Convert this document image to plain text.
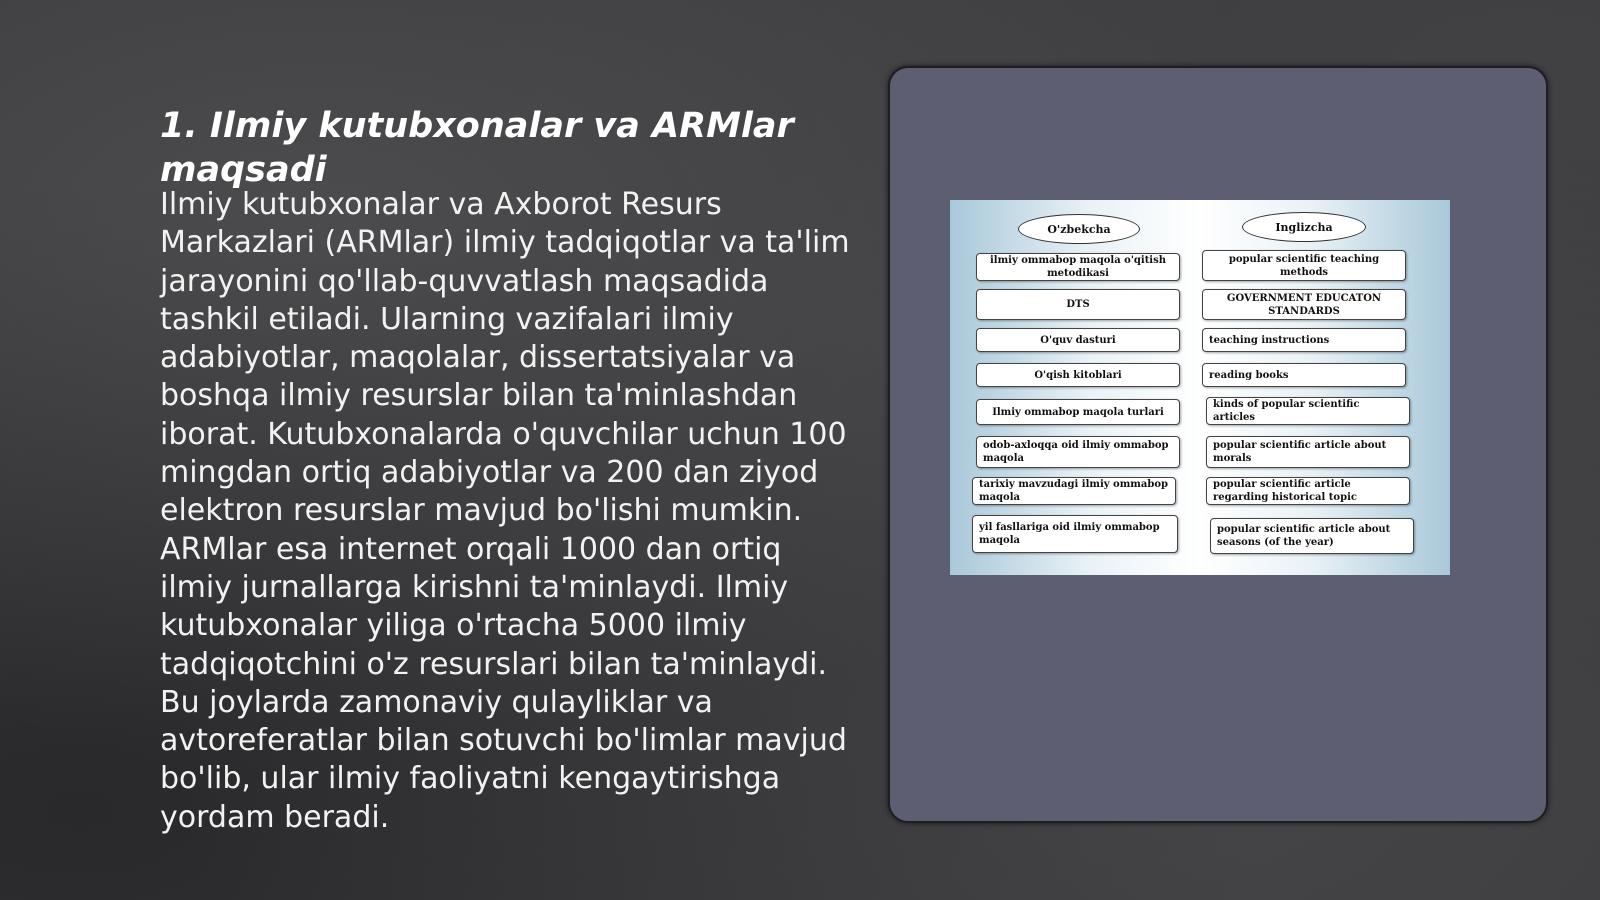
1. Ilmiy kutubxonalar va ARMlar maqsadi

Ilmiy kutubxonalar va Axborot Resurs Markazlari (ARMlar) ilmiy tadqiqotlar va ta'lim jarayonini qo'llab-quvvatlash maqsadida tashkil etiladi. Ularning vazifalari ilmiy adabiyotlar, maqolalar, dissertatsiyalar va boshqa ilmiy resurslar bilan ta'minlashdan iborat. Kutubxonalarda o'quvchilar uchun 100 mingdan ortiq adabiyotlar va 200 dan ziyod elektron resurslar mavjud bo'lishi mumkin. ARMlar esa internet orqali 1000 dan ortiq ilmiy jurnallarga kirishni ta'minlaydi. Ilmiy kutubxonalar yiliga o'rtacha 5000 ilmiy tadqiqotchini o'z resurslari bilan ta'minlaydi. Bu joylarda zamonaviy qulayliklar va avtoreferatlar bilan sotuvchi bo'limlar mavjud bo'lib, ular ilmiy faoliyatni kengaytirishga yordam beradi.

O'zbekcha	Inglizcha
ilmiy ommabop maqola o'qitish metodikasi
DTS
O'quv dasturi
O'qish kitoblari
Ilmiy ommabop maqola turlari
odob-axloqqa oid ilmiy ommabop maqola
tarixiy mavzudagi ilmiy ommabop maqola
yil fasllariga oid ilmiy ommabop maqola
popular scientific teaching methods
GOVERNMENT EDUCATON STANDARDS
teaching instructions
reading books
kinds of popular scientific articles
popular scientific article about morals
popular scientific article regarding historical topic
popular scientific article about seasons (of the year)
